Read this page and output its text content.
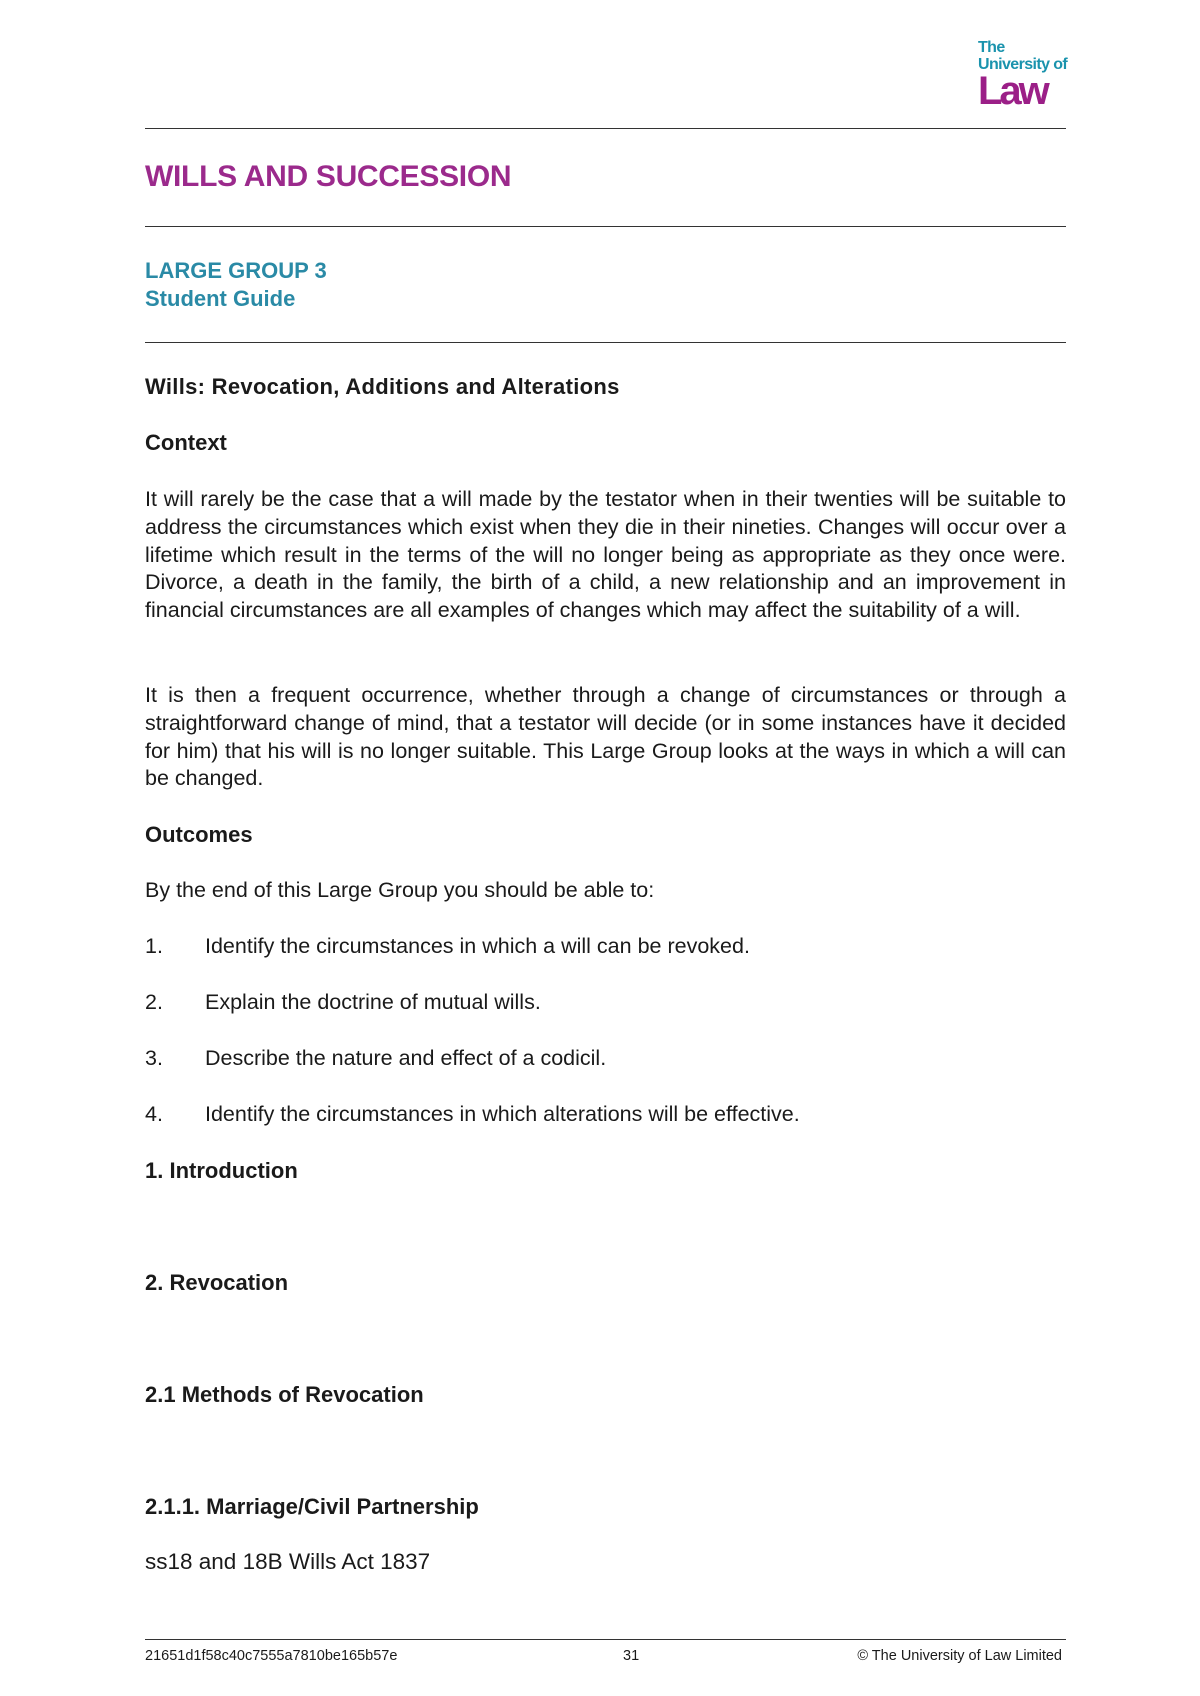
The
University of
Law
WILLS AND SUCCESSION

LARGE GROUP 3

Student Guide

Wills: Revocation, Additions and Alterations
Context

It will rarely be the case that a will made by the testator when in their twenties will be suitable to address the circumstances which exist when they die in their nineties. Changes will occur over a lifetime which result in the terms of the will no longer being as appropriate as they once were. Divorce, a death in the family, the birth of a child, a new relationship and an improvement in financial circumstances are all examples of changes which may affect the suitability of a will.

It is then a frequent occurrence, whether through a change of circumstances or through a straightforward change of mind, that a testator will decide (or in some instances have it decided for him) that his will is no longer suitable. This Large Group looks at the ways in which a will can be changed.

Outcomes

By the end of this Large Group you should be able to:

1. Identify the circumstances in which a will can be revoked.

2. Explain the doctrine of mutual wills.

3. Describe the nature and effect of a codicil.

4. Identify the circumstances in which alterations will be effective.

1. Introduction
2. Revocation
2.1 Methods of Revocation
2.1.1. Marriage/Civil Partnership

ss18 and 18B Wills Act 1837

21651d1f58c40c7555a7810be165b57e	31	© The University of Law Limited
